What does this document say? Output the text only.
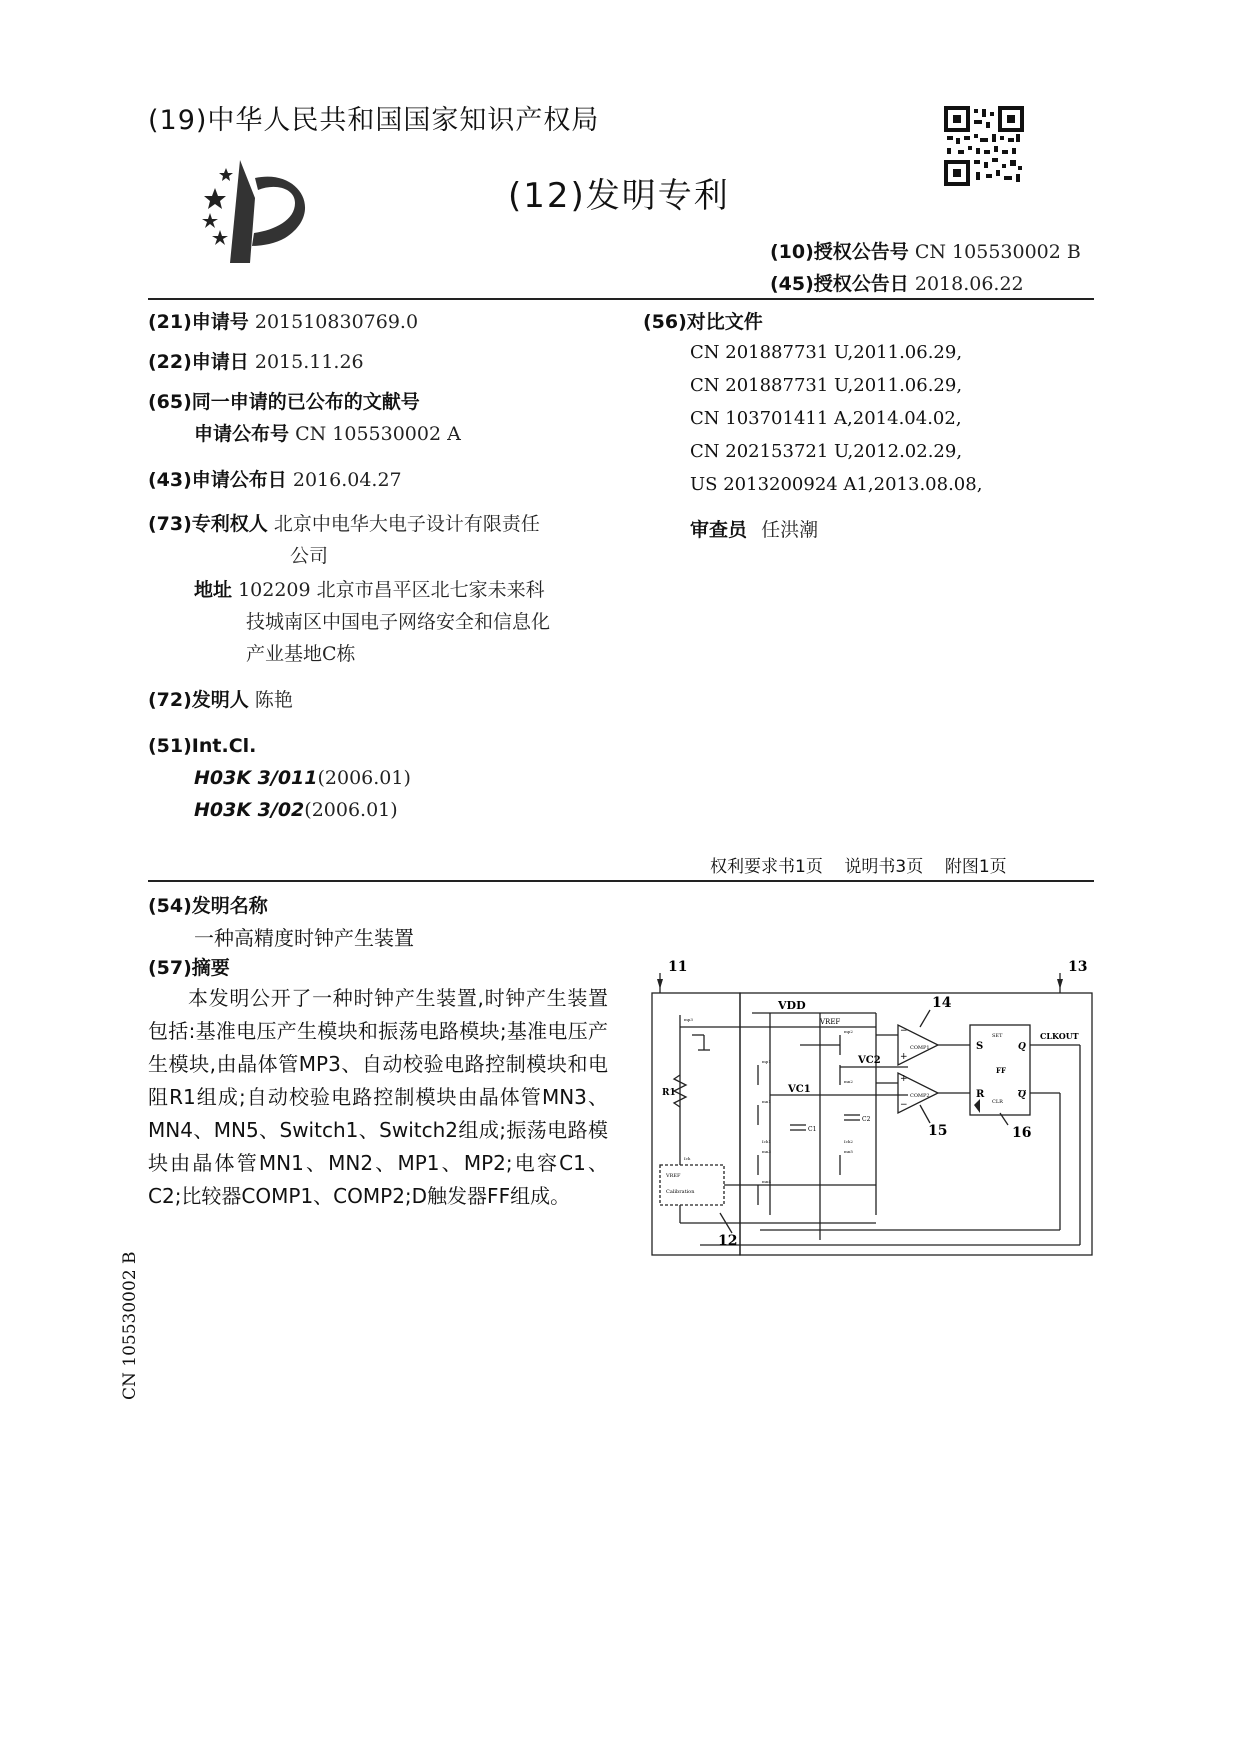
(19)中华人民共和国国家知识产权局
(12)发明专利
(10)授权公告号 CN 105530002 B
(45)授权公告日 2018.06.22
(21)申请号 201510830769.0
(22)申请日 2015.11.26
(65)同一申请的已公布的文献号
申请公布号 CN 105530002 A
(43)申请公布日 2016.04.27
(73)专利权人 北京中电华大电子设计有限责任
公司
地址 102209 北京市昌平区北七家未来科
技城南区中国电子网络安全和信息化
产业基地C栋
(72)发明人 陈艳
(51)Int.Cl.
H03K 3/011(2006.01)
H03K 3/02(2006.01)
(56)对比文件
CN 201887731 U,2011.06.29,
CN 201887731 U,2011.06.29,
CN 103701411 A,2014.04.02,
CN 202153721 U,2012.02.29,
US 2013200924 A1,2013.08.08,
审查员 任洪潮
权利要求书1页    说明书3页    附图1页
(54)发明名称
一种高精度时钟产生装置
(57)摘要
本发明公开了一种时钟产生装置,时钟产生装置包括:基准电压产生模块和振荡电路模块;基准电压产生模块,由晶体管MP3、自动校验电路控制模块和电阻R1组成;自动校验电路控制模块由晶体管MN3、MN4、MN5、Switch1、Switch2组成;振荡电路模块由晶体管MN1、MN2、MP1、MP2;电容C1、C2;比较器COMP1、COMP2;D触发器FF组成。
11	13
14
15	16
12
VDD
VREF
VC1
VC2
R1
C1
C2
COMP1
COMP2
−
+
+
−
S
R
SET
CLR
FF
Q
Q
CLKOUT
VREF
Calibration
mp3
mp1
mp2
mn1
mn2
mn3
mn4
mn5
Ich
Ich1	Ich2
CN 105530002 B
